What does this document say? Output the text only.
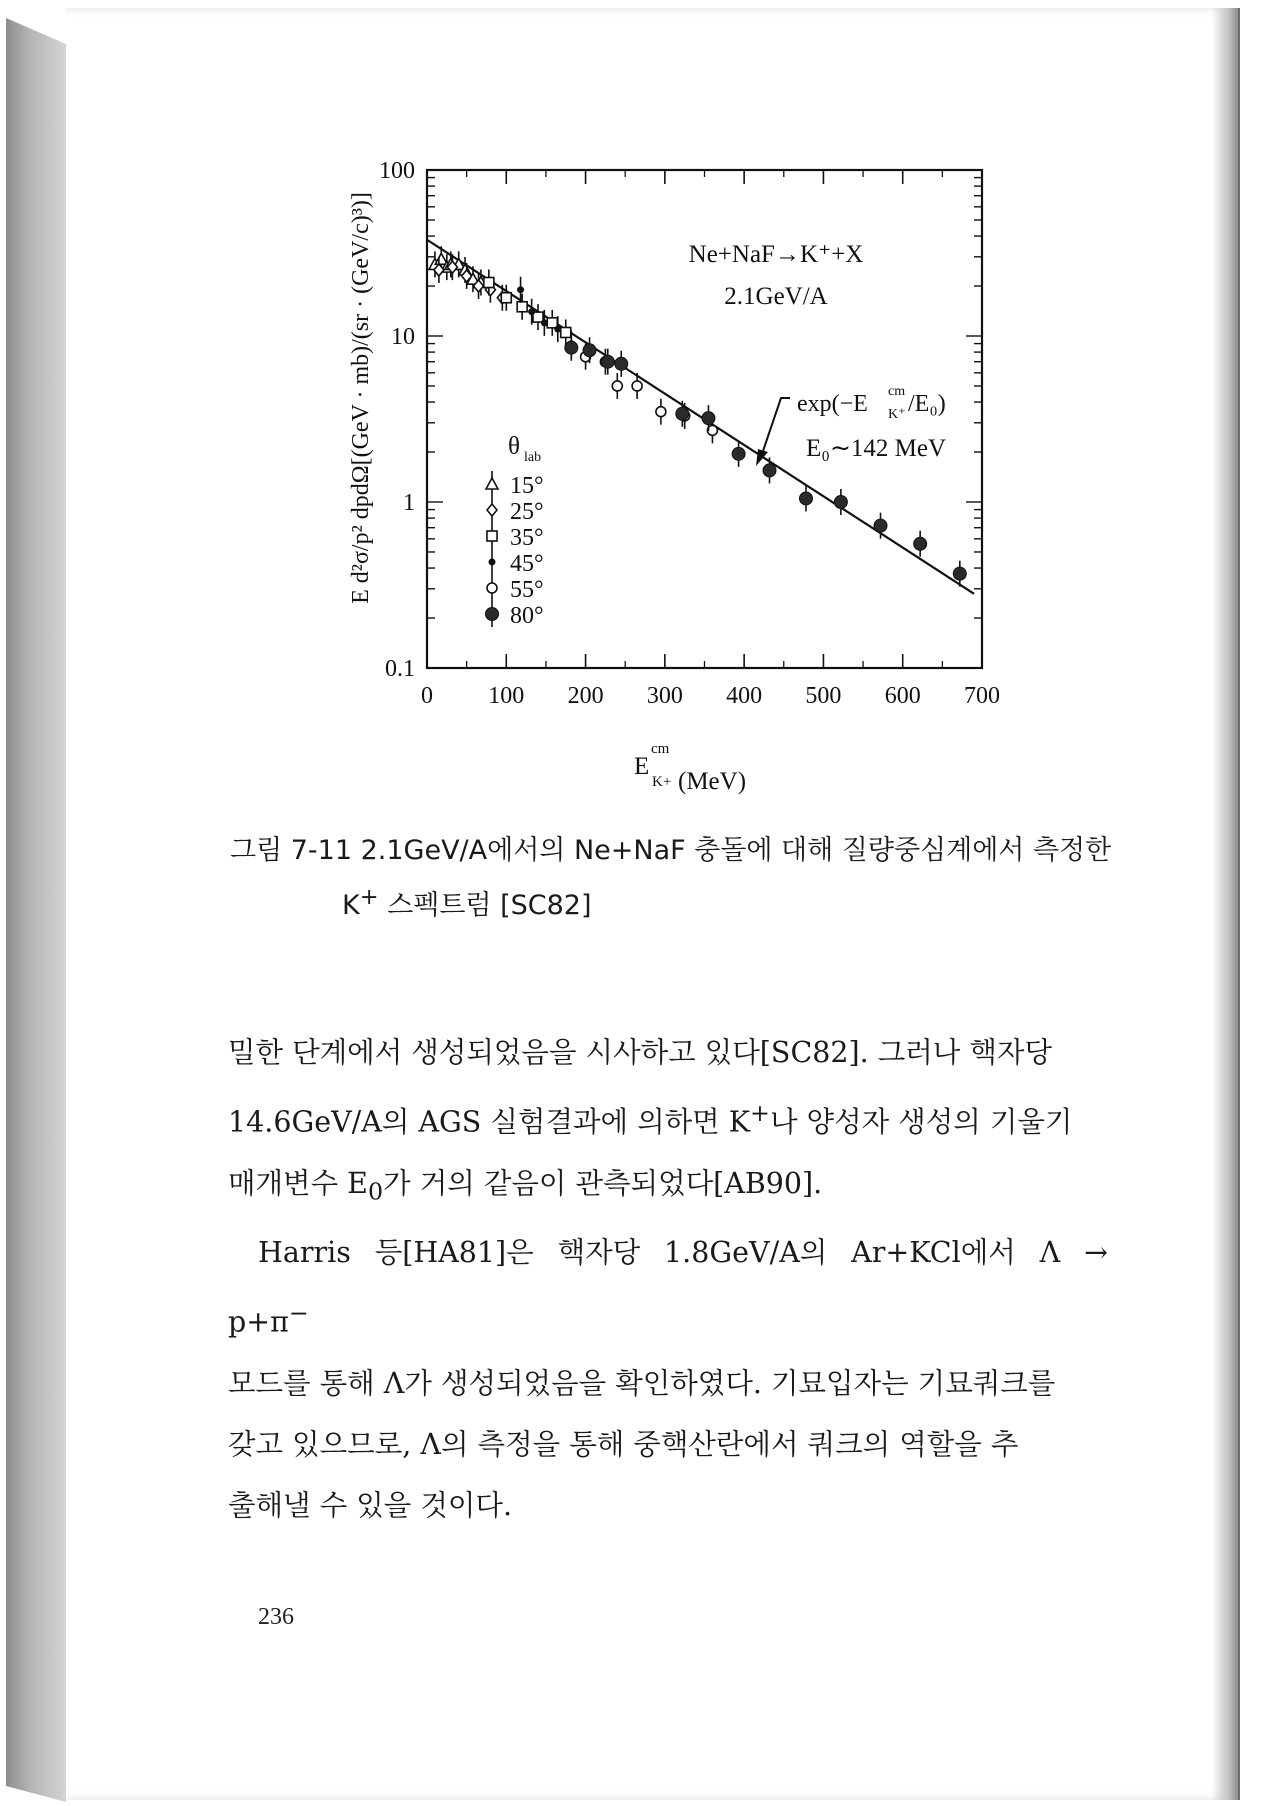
0 100 200 300 400 500 600 700
0.1
1
10
100
E d²σ/p² dpdΩ[(GeV · mb)/(sr · (GeV/c)³)]
E
cm
K+ (MeV)
Ne+NaF→K⁺+X
2.1GeV/A
exp(−E cm
K⁺ /E₀)
E₀∼142 MeV
θ lab
15°
25°
35°
45°
55°
80°
그림 7-11 2.1GeV/A에서의 Ne+NaF 충돌에 대해 질량중심계에서 측정한
K+ 스펙트럼 [SC82]

밀한 단계에서 생성되었음을 시사하고 있다[SC82]. 그러나 핵자당
14.6GeV/A의 AGS 실험결과에 의하면 K+나 양성자 생성의 기울기
매개변수 $E_0$가 거의 같음이 관측되었다[AB90].

Harris 등[HA81]은 핵자당 1.8GeV/A의 Ar+KCl에서 Λ → p+π−
모드를 통해 Λ가 생성되었음을 확인하였다. 기묘입자는 기묘쿼크를
갖고 있으므로, Λ의 측정을 통해 중핵산란에서 쿼크의 역할을 추
출해낼 수 있을 것이다.

236
